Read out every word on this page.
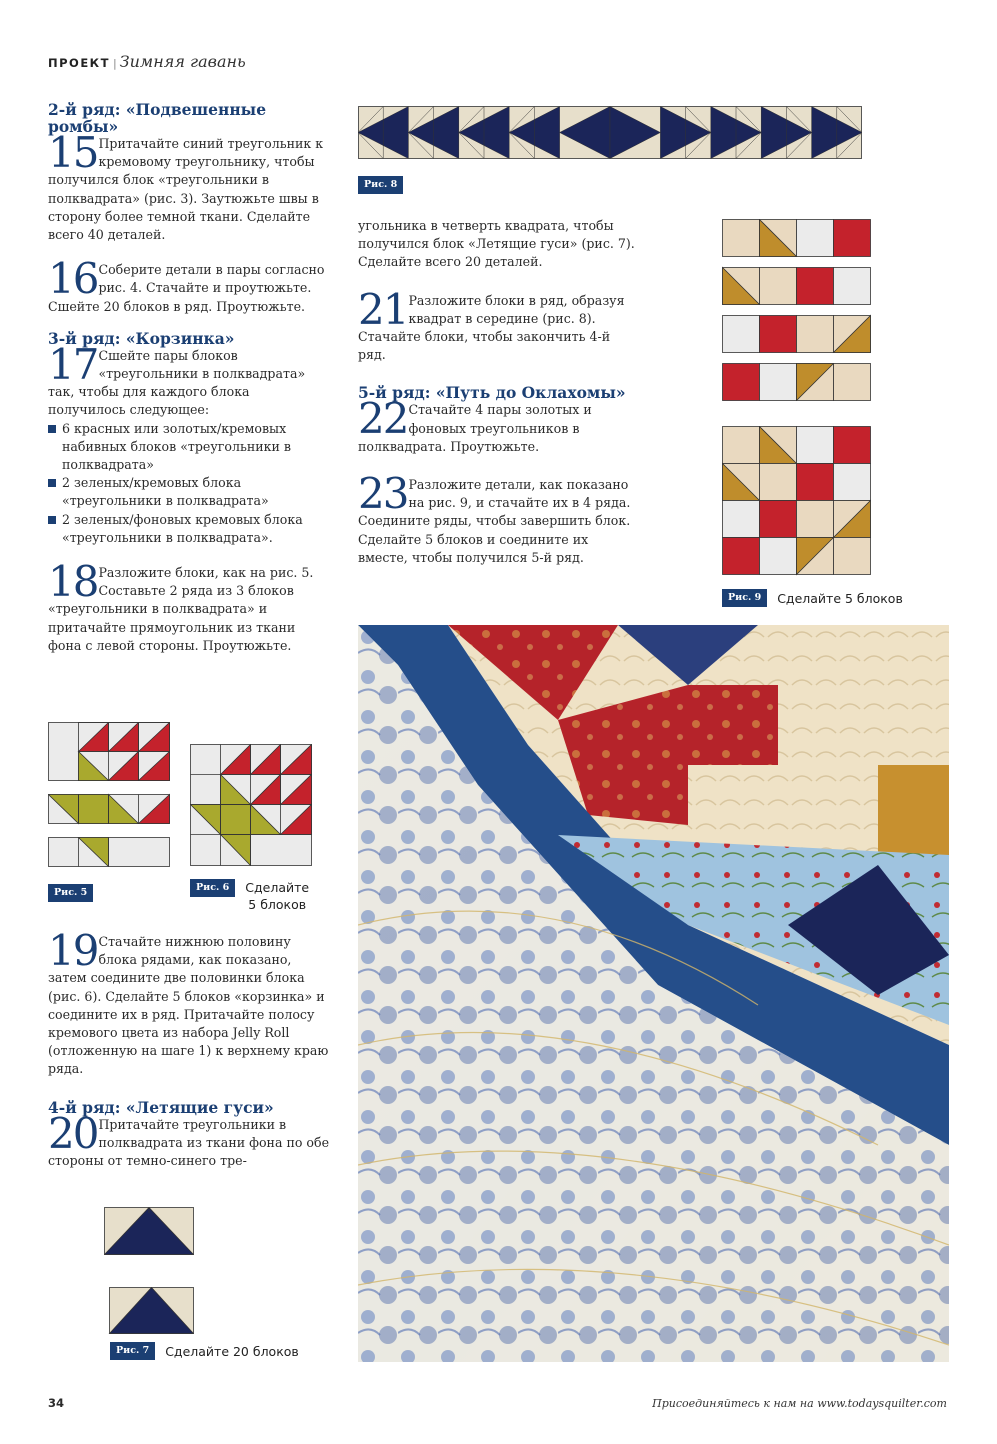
ПРОЕКТ | Зимняя гавань
2-й ряд: «Подвешенные ромбы»
15 Притачайте синий треугольник к кремовому треугольнику, чтобы получился блок «треугольники в полквадрата» (рис. 3). Заутюжьте швы в сторону более темной ткани. Сделайте всего 40 деталей.
16 Соберите детали в пары согласно рис. 4. Стачайте и проутюжьте. Сшейте 20 блоков в ряд. Проутюжьте.
3-й ряд: «Корзинка»
17 Сшейте пары блоков «треугольники в полквадрата» так, чтобы для каждого блока получилось следующее:
6 красных или золотых/кремовых набивных блоков «треугольники в полквадрата»
2 зеленых/кремовых блока «треугольники в полквадрата»
2 зеленых/фоновых кремовых блока «треугольники в полквадрата».
18 Разложите блоки, как на рис. 5. Составьте 2 ряда из 3 блоков «треугольники в полквадрата» и притачайте прямоугольник из ткани фона с левой стороны. Проутюжьте.
Рис. 5	Рис. 6	Сделайте 5 блоков
19 Стачайте нижнюю половину блока рядами, как показано, затем соедините две половинки блока (рис. 6). Сделайте 5 блоков «корзинка» и соедините их в ряд. Притачайте полосу кремового цвета из набора Jelly Roll (отложенную на шаге 1) к верхнему краю ряда.
4-й ряд: «Летящие гуси»
20 Притачайте треугольники в полквадрата из ткани фона по обе стороны от темно-синего тре-
Рис. 7	Сделайте 20 блоков
Рис. 8

угольника в четверть квадрата, чтобы получился блок «Летящие гуси» (рис. 7). Сделайте всего 20 деталей.

21 Разложите блоки в ряд, образуя квадрат в середине (рис. 8). Стачайте блоки, чтобы закончить 4-й ряд.
5-й ряд: «Путь до Оклахомы»
22 Стачайте 4 пары золотых и фоновых треугольников в полквадрата. Проутюжьте.
23 Разложите детали, как показано на рис. 9, и стачайте их в 4 ряда. Соедините ряды, чтобы завершить блок. Сделайте 5 блоков и соедините их вместе, чтобы получился 5-й ряд.
Рис. 9	Сделайте 5 блоков
34	Присоединяйтесь к нам на www.todaysquilter.com
